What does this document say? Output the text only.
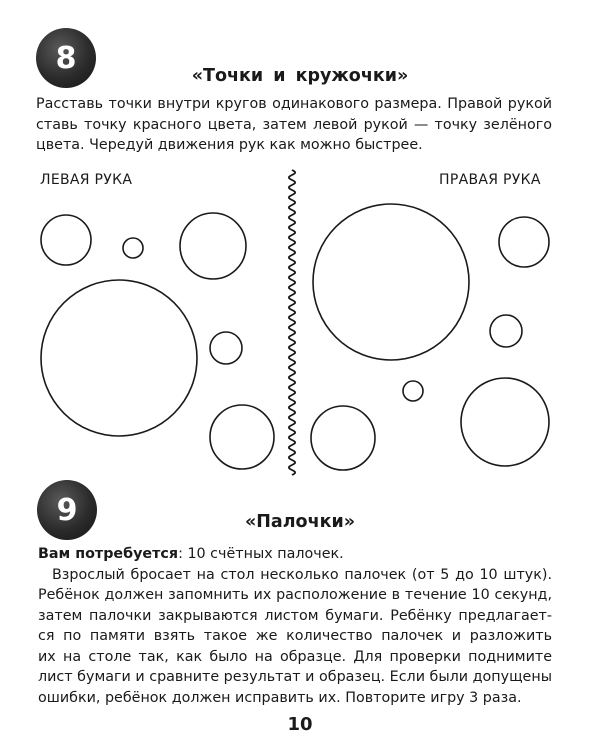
8
«Точки и кружочки»
Расставь точки внутри кругов одинакового размера. Правой рукой
ставь точку красного цвета, затем левой рукой — точку зелёного
цвета. Чередуй движения рук как можно быстрее.
ЛЕВАЯ РУКА	ПРАВАЯ РУКА
9	«Палочки»
Вам потребуется: 10 счётных палочек.
Взрослый бросает на стол несколько палочек (от 5 до 10 штук).
Ребёнок должен запомнить их расположение в течение 10 секунд,
затем палочки закрываются листом бумаги. Ребёнку предлагает-
ся по памяти взять такое же количество палочек и разложить
их на столе так, как было на образце. Для проверки поднимите
лист бумаги и сравните результат и образец. Если были допущены
ошибки, ребёнок должен исправить их. Повторите игру 3 раза.
10
